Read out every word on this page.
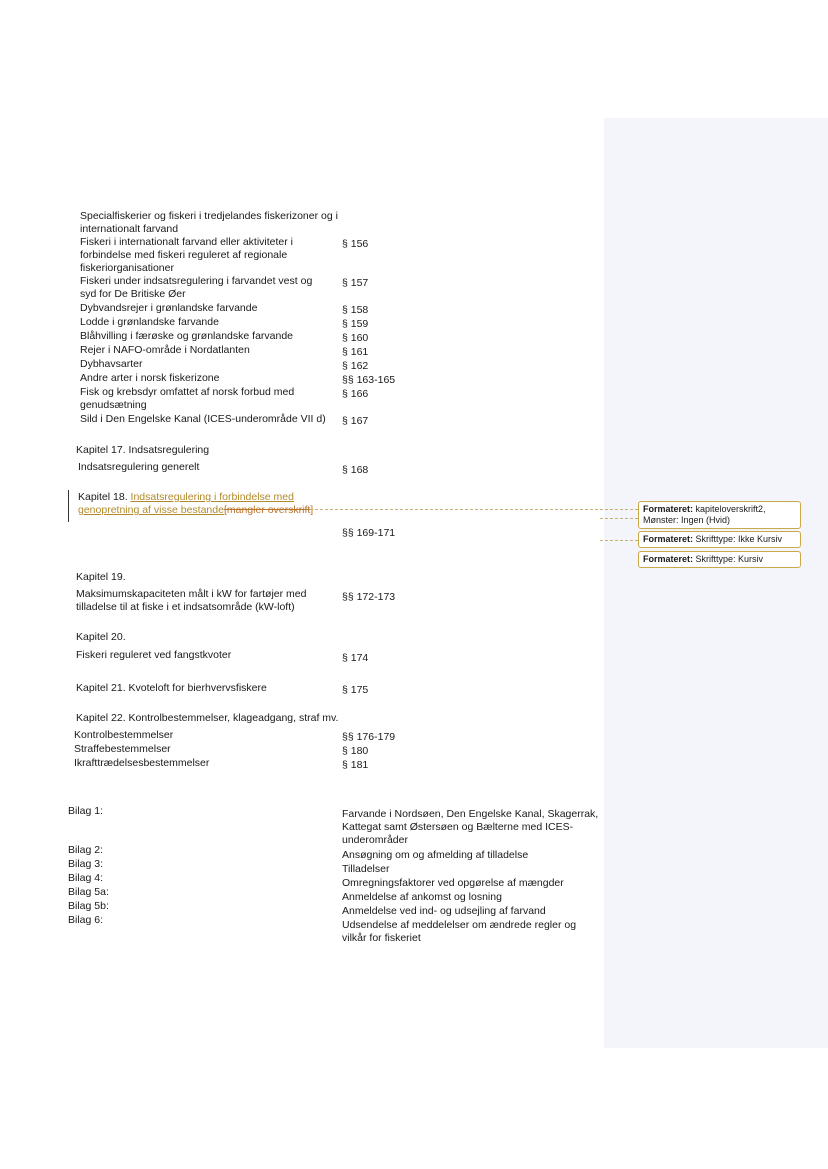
Specialfiskerier og fiskeri i tredjelandes fiskerizoner og i internationalt farvand
Fiskeri i internationalt farvand eller aktiviteter i forbindelse med fiskeri reguleret af regionale fiskeriorganisationer
§ 156
Fiskeri under indsatsregulering i farvandet vest og syd for De Britiske Øer
§ 157
Dybvandsrejer i grønlandske farvande	§ 158
Lodde i grønlandske farvande	§ 159
Blåhvilling i færøske og grønlandske farvande	§ 160
Rejer i NAFO-område i Nordatlanten	§ 161
Dybhavsarter	§ 162
Andre arter i norsk fiskerizone	§§ 163-165
Fisk og krebsdyr omfattet af norsk forbud med genudsætning
§ 166
Sild i Den Engelske Kanal (ICES-underområde VII d)	§ 167
Kapitel 17. Indsatsregulering
Indsatsregulering generelt	§ 168
Kapitel 18. Indsatsregulering i forbindelse med genopretning af visse bestande[mangler overskrift]
§§ 169-171
Formateret: kapiteloverskrift2, Mønster: Ingen (Hvid)
Formateret: Skrifttype: Ikke Kursiv
Formateret: Skrifttype: Kursiv
Kapitel 19.
Maksimumskapaciteten målt i kW for fartøjer med tilladelse til at fiske i et indsatsområde (kW-loft)
§§ 172-173
Kapitel 20.
Fiskeri reguleret ved fangstkvoter	§ 174
Kapitel 21. Kvoteloft for bierhvervsfiskere	§ 175
Kapitel 22. Kontrolbestemmelser, klageadgang, straf mv.
Kontrolbestemmelser	§§ 176-179
Straffebestemmelser	§ 180
Ikrafttrædelsesbestemmelser	§ 181
Bilag 1:	Farvande i Nordsøen, Den Engelske Kanal, Skagerrak, Kattegat samt Østersøen og Bælterne med ICES-underområder
Bilag 2:	Ansøgning om og afmelding af tilladelse
Bilag 3:	Tilladelser
Bilag 4:	Omregningsfaktorer ved opgørelse af mængder
Bilag 5a:	Anmeldelse af ankomst og losning
Bilag 5b:	Anmeldelse ved ind- og udsejling af farvand
Bilag 6:	Udsendelse af meddelelser om ændrede regler og vilkår for fiskeriet
